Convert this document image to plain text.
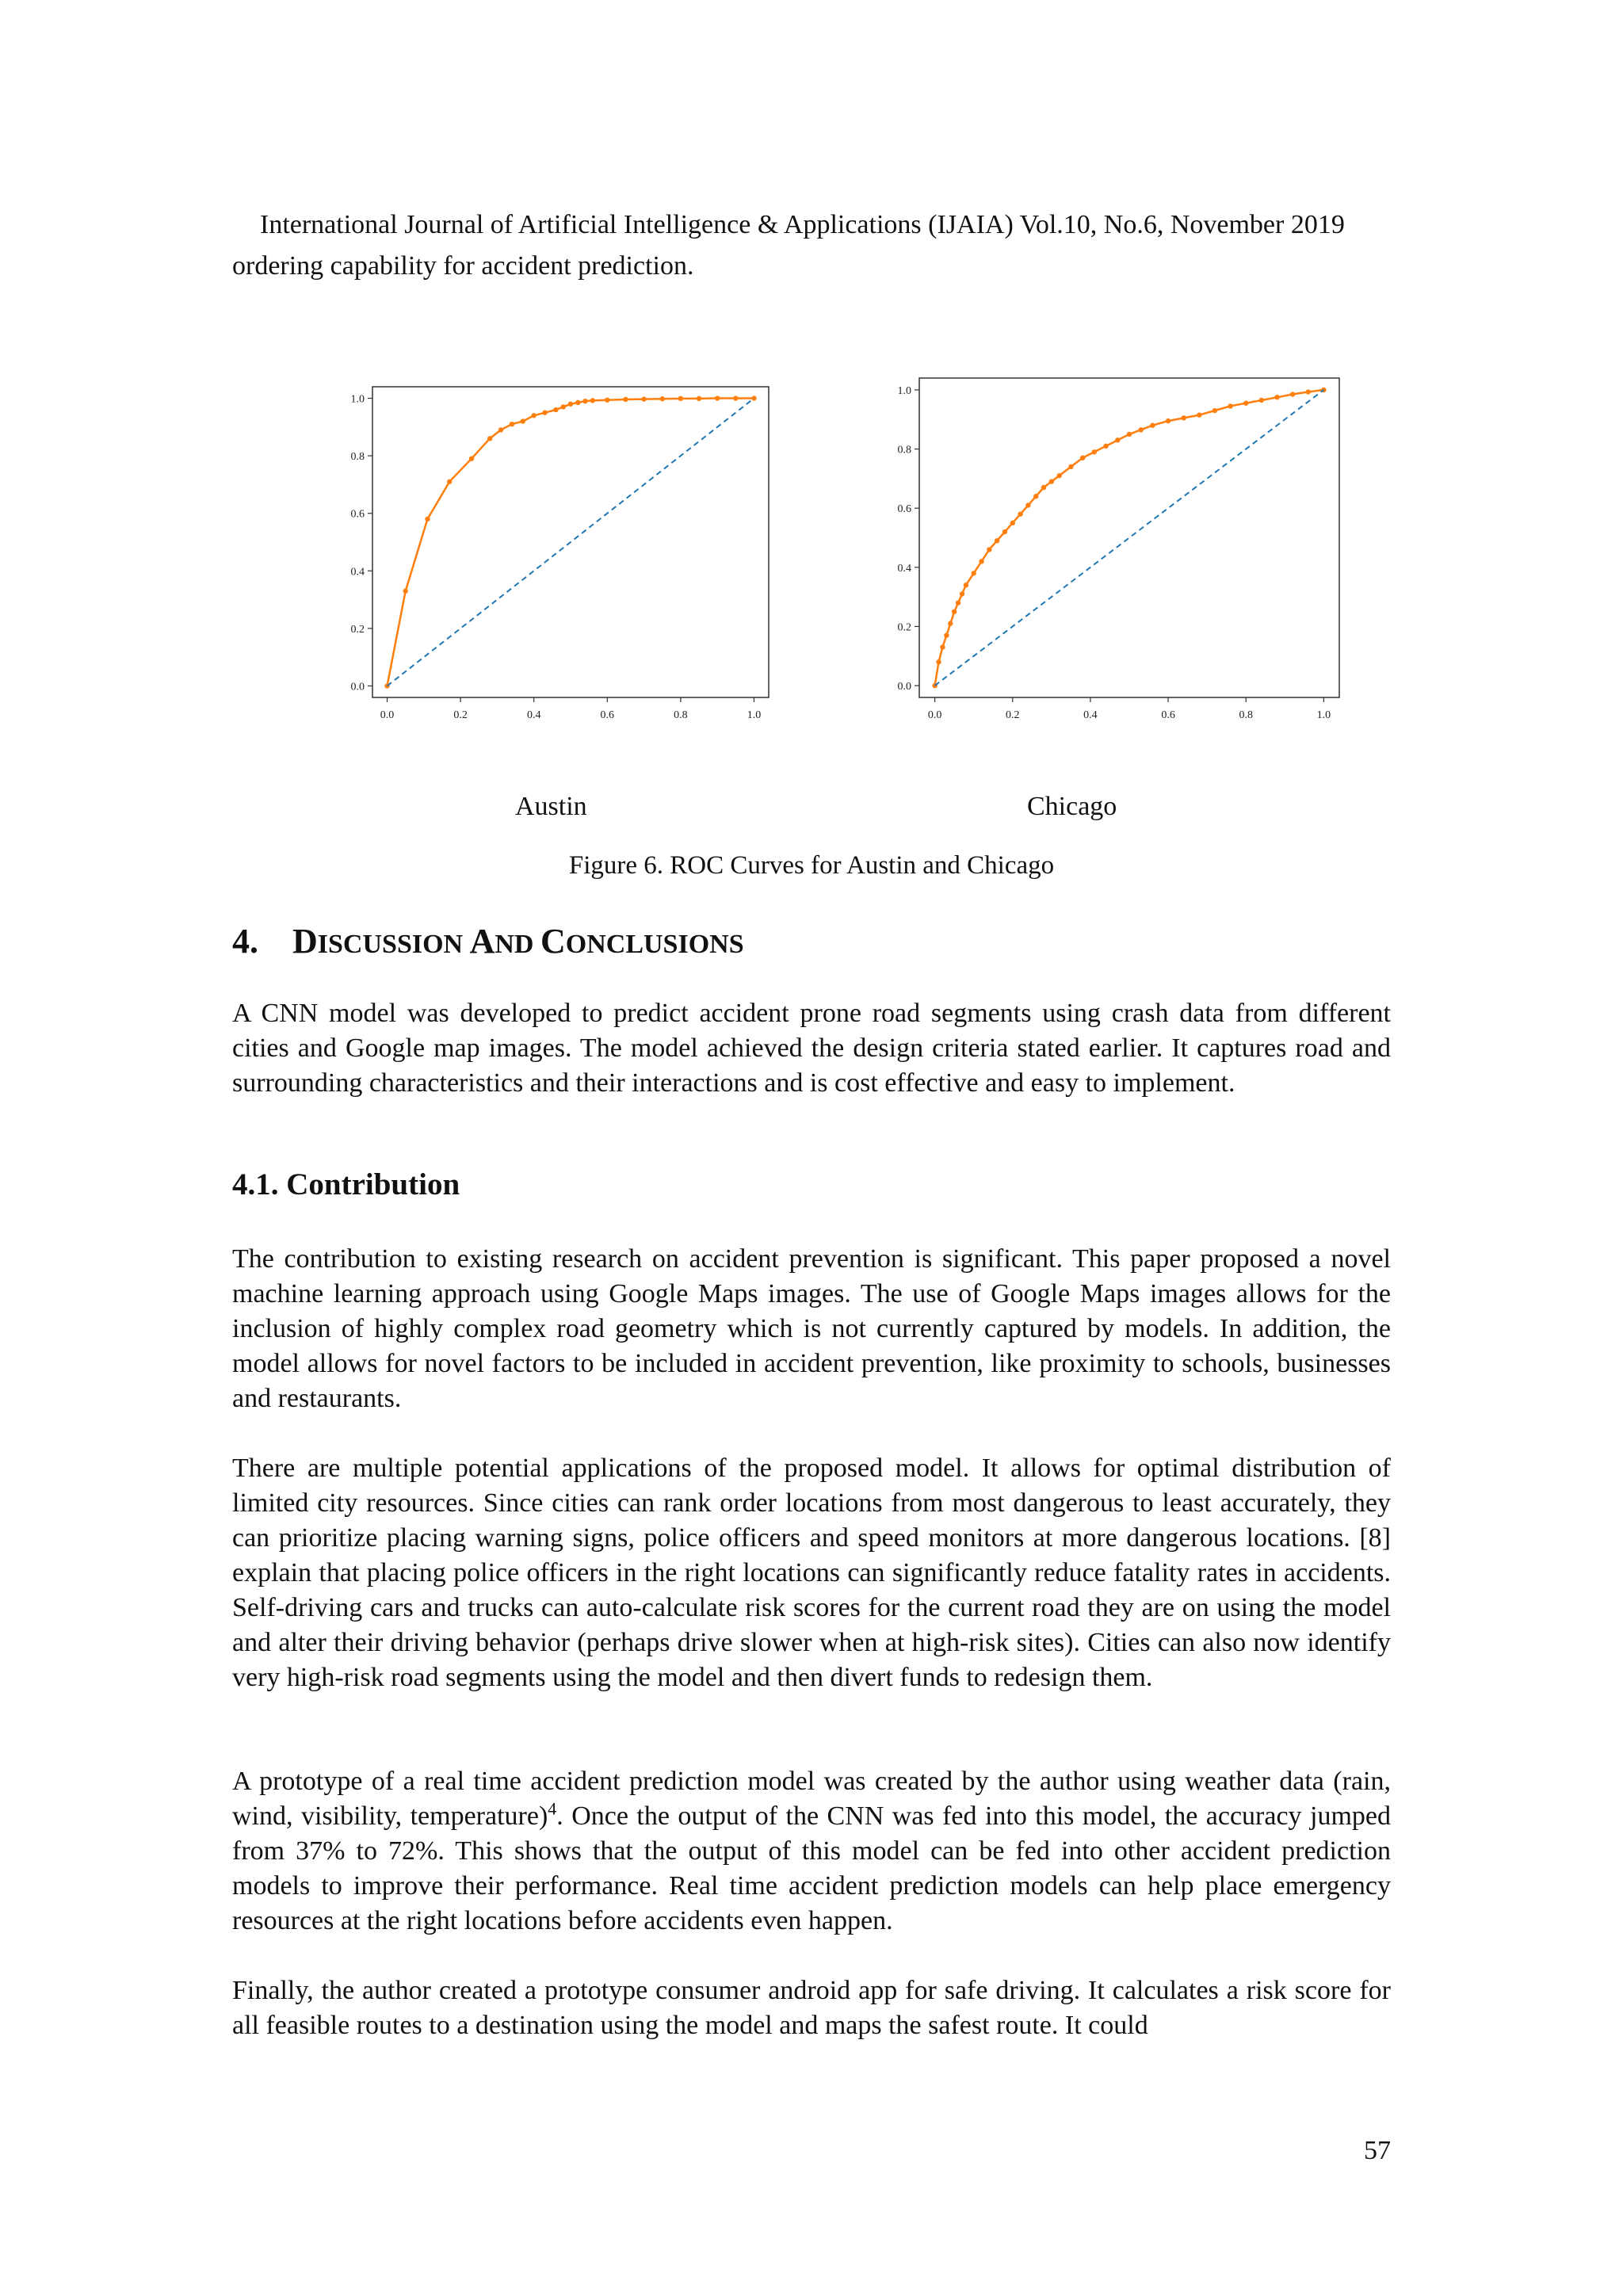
International Journal of Artificial Intelligence & Applications (IJAIA) Vol.10, No.6, November 2019
ordering capability for accident prediction.
0.0	0.2	0.4	0.6	0.8	1.0
0.0
0.2
0.4
0.6
0.8
1.0
0.0	0.2	0.4	0.6	0.8	1.0
0.0
0.2
0.4
0.6
0.8
1.0
Austin	Chicago
Figure 6. ROC Curves for Austin and Chicago
4. DISCUSSION AND CONCLUSIONS
A CNN model was developed to predict accident prone road segments using crash data from different cities and Google map images. The model achieved the design criteria stated earlier. It captures road and surrounding characteristics and their interactions and is cost effective and easy to implement.
4.1. Contribution
The contribution to existing research on accident prevention is significant. This paper proposed a novel machine learning approach using Google Maps images. The use of Google Maps images allows for the inclusion of highly complex road geometry which is not currently captured by models. In addition, the model allows for novel factors to be included in accident prevention, like proximity to schools, businesses and restaurants.
There are multiple potential applications of the proposed model. It allows for optimal distribution of limited city resources. Since cities can rank order locations from most dangerous to least accurately, they can prioritize placing warning signs, police officers and speed monitors at more dangerous locations. [8] explain that placing police officers in the right locations can significantly reduce fatality rates in accidents. Self-driving cars and trucks can auto-calculate risk scores for the current road they are on using the model and alter their driving behavior (perhaps drive slower when at high-risk sites). Cities can also now identify very high-risk road segments using the model and then divert funds to redesign them.
A prototype of a real time accident prediction model was created by the author using weather data (rain, wind, visibility, temperature)$^4$. Once the output of the CNN was fed into this model, the accuracy jumped from 37% to 72%. This shows that the output of this model can be fed into other accident prediction models to improve their performance. Real time accident prediction models can help place emergency resources at the right locations before accidents even happen.
Finally, the author created a prototype consumer android app for safe driving. It calculates a risk score for all feasible routes to a destination using the model and maps the safest route. It could
57
